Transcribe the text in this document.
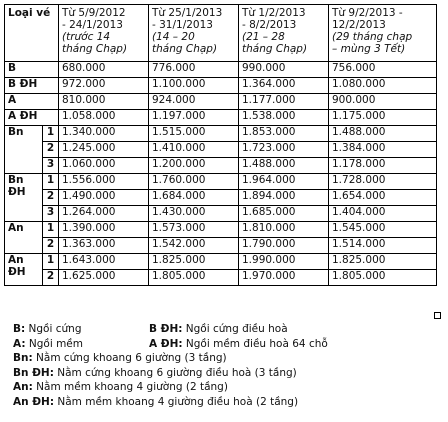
Loại vé		Từ 5/9/2012
- 24/1/2013
(trước 14
tháng Chạp)	Từ 25/1/2013
- 31/1/2013
(14 – 20
tháng Chạp)	Từ 1/2/2013
- 8/2/2013
(21 – 28
tháng Chạp)	Từ 9/2/2013 -
12/2/2013
(29 tháng chạp
– mùng 3 Tết)

B		680.000	776.000	990.000	756.000
B ĐH		972.000	1.100.000	1.364.000	1.080.000
A		810.000	924.000	1.177.000	900.000
A ĐH		1.058.000	1.197.000	1.538.000	1.175.000
Bn	1	1.340.000	1.515.000	1.853.000	1.488.000
	2	1.245.000	1.410.000	1.723.000	1.384.000
	3	1.060.000	1.200.000	1.488.000	1.178.000

Bn
ĐH	1	1.556.000	1.760.000	1.964.000	1.728.000
	2	1.490.000	1.684.000	1.894.000	1.654.000
	3	1.264.000	1.430.000	1.685.000	1.404.000
An	1	1.390.000	1.573.000	1.810.000	1.545.000
	2	1.363.000	1.542.000	1.790.000	1.514.000

An
ĐH	1	1.643.000	1.825.000	1.990.000	1.825.000
	2	1.625.000	1.805.000	1.970.000	1.805.000
B: Ngồi cứng	B ĐH: Ngồi cứng điều hoà
A: Ngồi mềm	A ĐH: Ngồi mềm điều hoà 64 chỗ
Bn: Nằm cứng khoang 6 giường (3 tầng)
Bn ĐH: Nằm cứng khoang 6 giường điều hoà (3 tầng)
An: Nằm mềm khoang 4 giường (2 tầng)
An ĐH: Nằm mềm khoang 4 giường điều hoà (2 tầng)
